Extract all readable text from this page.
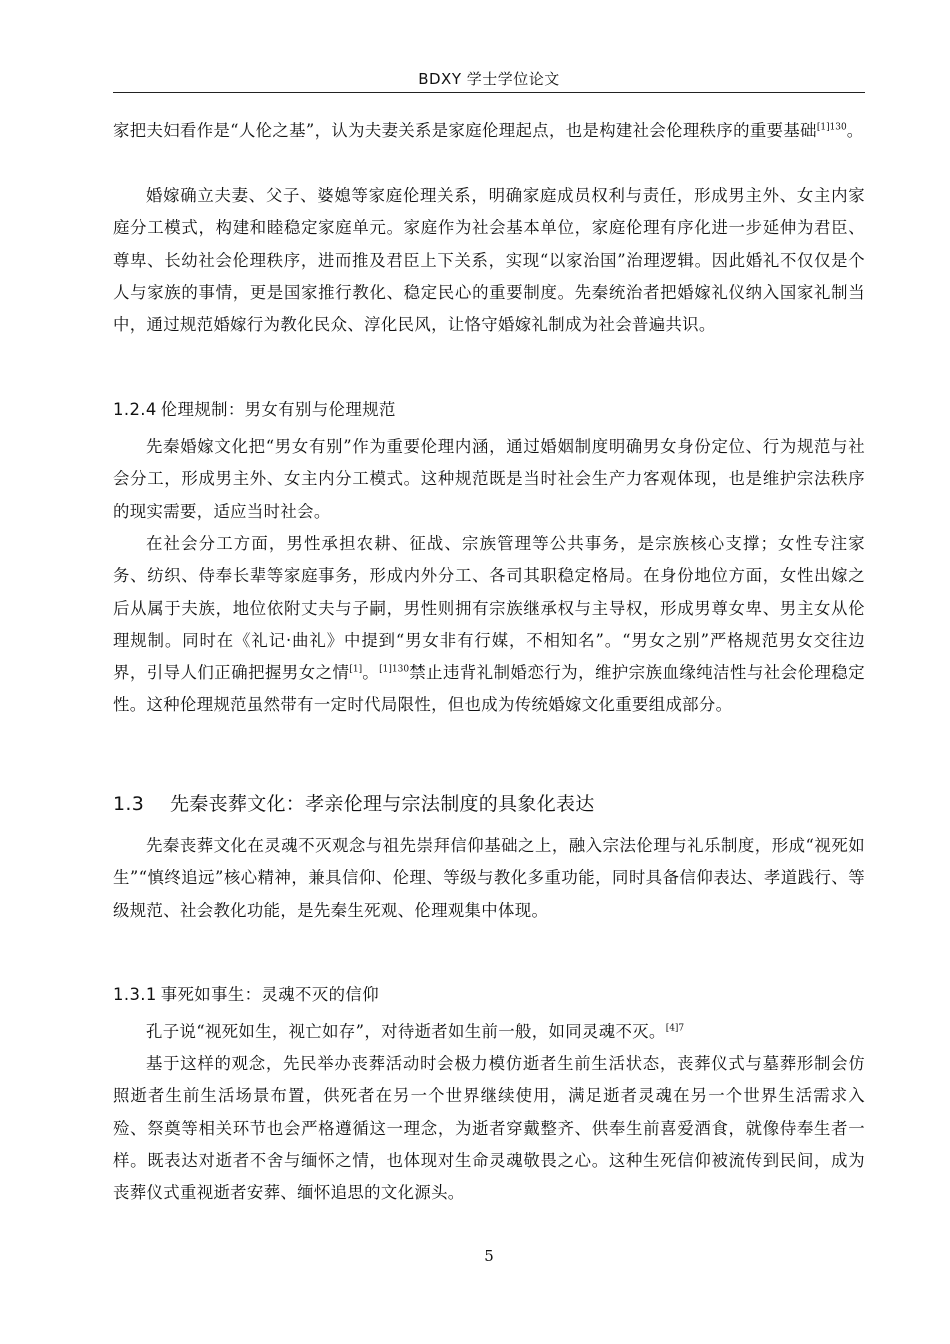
BDXY 学士学位论文

家把夫妇看作是“人伦之基”，认为夫妻关系是家庭伦理起点，也是构建社会伦理秩序的重要基础$^{[1]130}$。

婚嫁确立夫妻、父子、婆媳等家庭伦理关系，明确家庭成员权利与责任，形成男主外、女主内家庭分工模式，构建和睦稳定家庭单元。家庭作为社会基本单位，家庭伦理有序化进一步延伸为君臣、尊卑、长幼社会伦理秩序，进而推及君臣上下关系，实现“以家治国”治理逻辑。因此婚礼不仅仅是个人与家族的事情，更是国家推行教化、稳定民心的重要制度。先秦统治者把婚嫁礼仪纳入国家礼制当中，通过规范婚嫁行为教化民众、淳化民风，让恪守婚嫁礼制成为社会普遍共识。

1.2.4 伦理规制：男女有别与伦理规范

先秦婚嫁文化把“男女有别”作为重要伦理内涵，通过婚姻制度明确男女身份定位、行为规范与社会分工，形成男主外、女主内分工模式。这种规范既是当时社会生产力客观体现，也是维护宗法秩序的现实需要，适应当时社会。

在社会分工方面，男性承担农耕、征战、宗族管理等公共事务，是宗族核心支撑；女性专注家务、纺织、侍奉长辈等家庭事务，形成内外分工、各司其职稳定格局。在身份地位方面，女性出嫁之后从属于夫族，地位依附丈夫与子嗣，男性则拥有宗族继承权与主导权，形成男尊女卑、男主女从伦理规制。同时在《礼记·曲礼》中提到“男女非有行媒，不相知名”。“男女之别”严格规范男女交往边界，引导人们正确把握男女之情[1]。$^{[1]130}$禁止违背礼制婚恋行为，维护宗族血缘纯洁性与社会伦理稳定性。这种伦理规范虽然带有一定时代局限性，但也成为传统婚嫁文化重要组成部分。

1.3 先秦丧葬文化：孝亲伦理与宗法制度的具象化表达

先秦丧葬文化在灵魂不灭观念与祖先崇拜信仰基础之上，融入宗法伦理与礼乐制度，形成“视死如生”“慎终追远”核心精神，兼具信仰、伦理、等级与教化多重功能，同时具备信仰表达、孝道践行、等级规范、社会教化功能，是先秦生死观、伦理观集中体现。

1.3.1 事死如事生：灵魂不灭的信仰

孔子说“视死如生，视亡如存”，对待逝者如生前一般，如同灵魂不灭。$^{[4]7}$

基于这样的观念，先民举办丧葬活动时会极力模仿逝者生前生活状态，丧葬仪式与墓葬形制会仿照逝者生前生活场景布置，供死者在另一个世界继续使用，满足逝者灵魂在另一个世界生活需求入殓、祭奠等相关环节也会严格遵循这一理念，为逝者穿戴整齐、供奉生前喜爱酒食，就像侍奉生者一样。既表达对逝者不舍与缅怀之情，也体现对生命灵魂敬畏之心。这种生死信仰被流传到民间，成为丧葬仪式重视逝者安葬、缅怀追思的文化源头。

5
